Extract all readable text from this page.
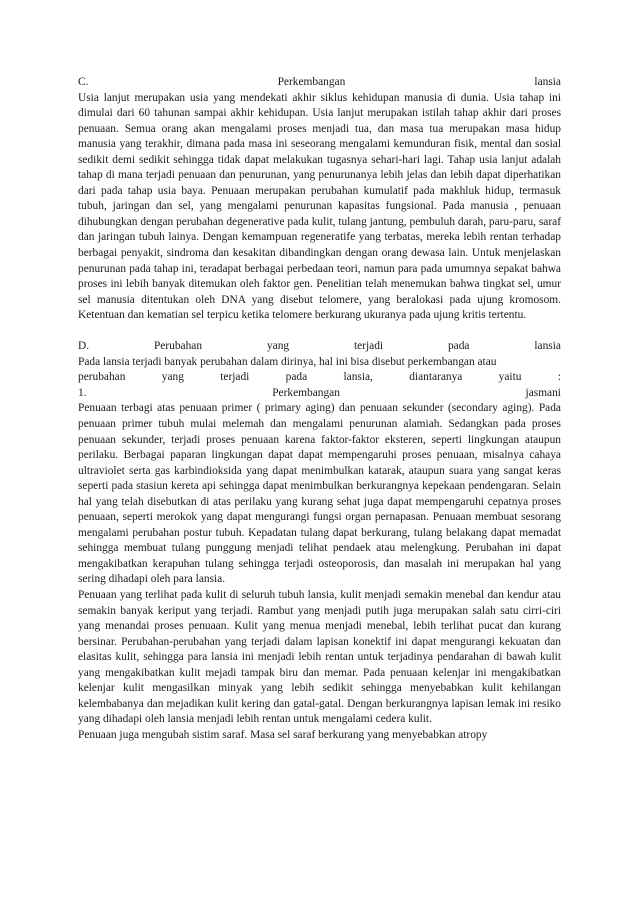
C.	Perkembangan	lansia

Usia lanjut merupakan usia yang mendekati akhir siklus kehidupan manusia di dunia. Usia tahap ini dimulai dari 60 tahunan sampai akhir kehidupan. Usia lanjut merupakan istilah tahap akhir dari proses penuaan. Semua orang akan mengalami proses menjadi tua, dan masa tua merupakan masa hidup manusia yang terakhir, dimana pada masa ini seseorang mengalami kemunduran fisik, mental dan sosial sedikit demi sedikit sehingga tidak dapat melakukan tugasnya sehari-hari lagi. Tahap usia lanjut adalah tahap di mana terjadi penuaan dan penurunan, yang penurunanya lebih jelas dan lebih dapat diperhatikan dari pada tahap usia baya. Penuaan merupakan perubahan kumulatif pada makhluk hidup, termasuk tubuh, jaringan dan sel, yang mengalami penurunan kapasitas fungsional. Pada manusia , penuaan dihubungkan dengan perubahan degenerative pada kulit, tulang jantung, pembuluh darah, paru-paru, saraf dan jaringan tubuh lainya. Dengan kemampuan regeneratife yang terbatas, mereka lebih rentan terhadap berbagai penyakit, sindroma dan kesakitan dibandingkan dengan orang dewasa lain. Untuk menjelaskan penurunan pada tahap ini, teradapat berbagai perbedaan teori, namun para pada umumnya sepakat bahwa proses ini lebih banyak ditemukan oleh faktor gen. Penelitian telah menemukan bahwa tingkat sel, umur sel manusia ditentukan oleh DNA yang disebut telomere, yang beralokasi pada ujung kromosom. Ketentuan dan kematian sel terpicu ketika telomere berkurang ukuranya pada ujung kritis tertentu.

D.	Perubahan	yang	terjadi	pada	lansia
Pada lansia terjadi banyak perubahan dalam dirinya, hal ini bisa disebut perkembangan atau
perubahan	yang	terjadi	pada	lansia,	diantaranya	yaitu	:
1.	Perkembangan	jasmani

Penuaan terbagi atas penuaan primer ( primary aging) dan penuaan sekunder (secondary aging). Pada penuaan primer tubuh mulai melemah dan mengalami penurunan alamiah. Sedangkan pada proses penuaan sekunder, terjadi proses penuaan karena faktor-faktor eksteren, seperti lingkungan ataupun perilaku. Berbagai paparan lingkungan dapat dapat mempengaruhi proses penuaan, misalnya cahaya ultraviolet serta gas karbindioksida yang dapat menimbulkan katarak, ataupun suara yang sangat keras seperti pada stasiun kereta api sehingga dapat menimbulkan berkurangnya kepekaan pendengaran. Selain hal yang telah disebutkan di atas perilaku yang kurang sehat juga dapat mempengaruhi cepatnya proses penuaan, seperti merokok yang dapat mengurangi fungsi organ pernapasan. Penuaan membuat sesorang mengalami perubahan postur tubuh. Kepadatan tulang dapat berkurang, tulang belakang dapat memadat sehingga membuat tulang punggung menjadi telihat pendaek atau melengkung. Perubahan ini dapat mengakibatkan kerapuhan tulang sehingga terjadi osteoporosis, dan masalah ini merupakan hal yang sering dihadapi oleh para lansia.

Penuaan yang terlihat pada kulit di seluruh tubuh lansia, kulit menjadi semakin menebal dan kendur atau semakin banyak keriput yang terjadi. Rambut yang menjadi putih juga merupakan salah satu cirri-ciri yang menandai proses penuaan. Kulit yang menua menjadi menebal, lebih terlihat pucat dan kurang bersinar. Perubahan-perubahan yang terjadi dalam lapisan konektif ini dapat mengurangi kekuatan dan elasitas kulit, sehingga para lansia ini menjadi lebih rentan untuk terjadinya pendarahan di bawah kulit yang mengakibatkan kulit mejadi tampak biru dan memar. Pada penuaan kelenjar ini mengakibatkan kelenjar kulit mengasilkan minyak yang lebih sedikit sehingga menyebabkan kulit kehilangan kelembabanya dan mejadikan kulit kering dan gatal-gatal. Dengan berkurangnya lapisan lemak ini resiko yang dihadapi oleh lansia menjadi lebih rentan untuk mengalami cedera kulit.

Penuaan juga mengubah sistim saraf. Masa sel saraf berkurang yang menyebabkan atropy
